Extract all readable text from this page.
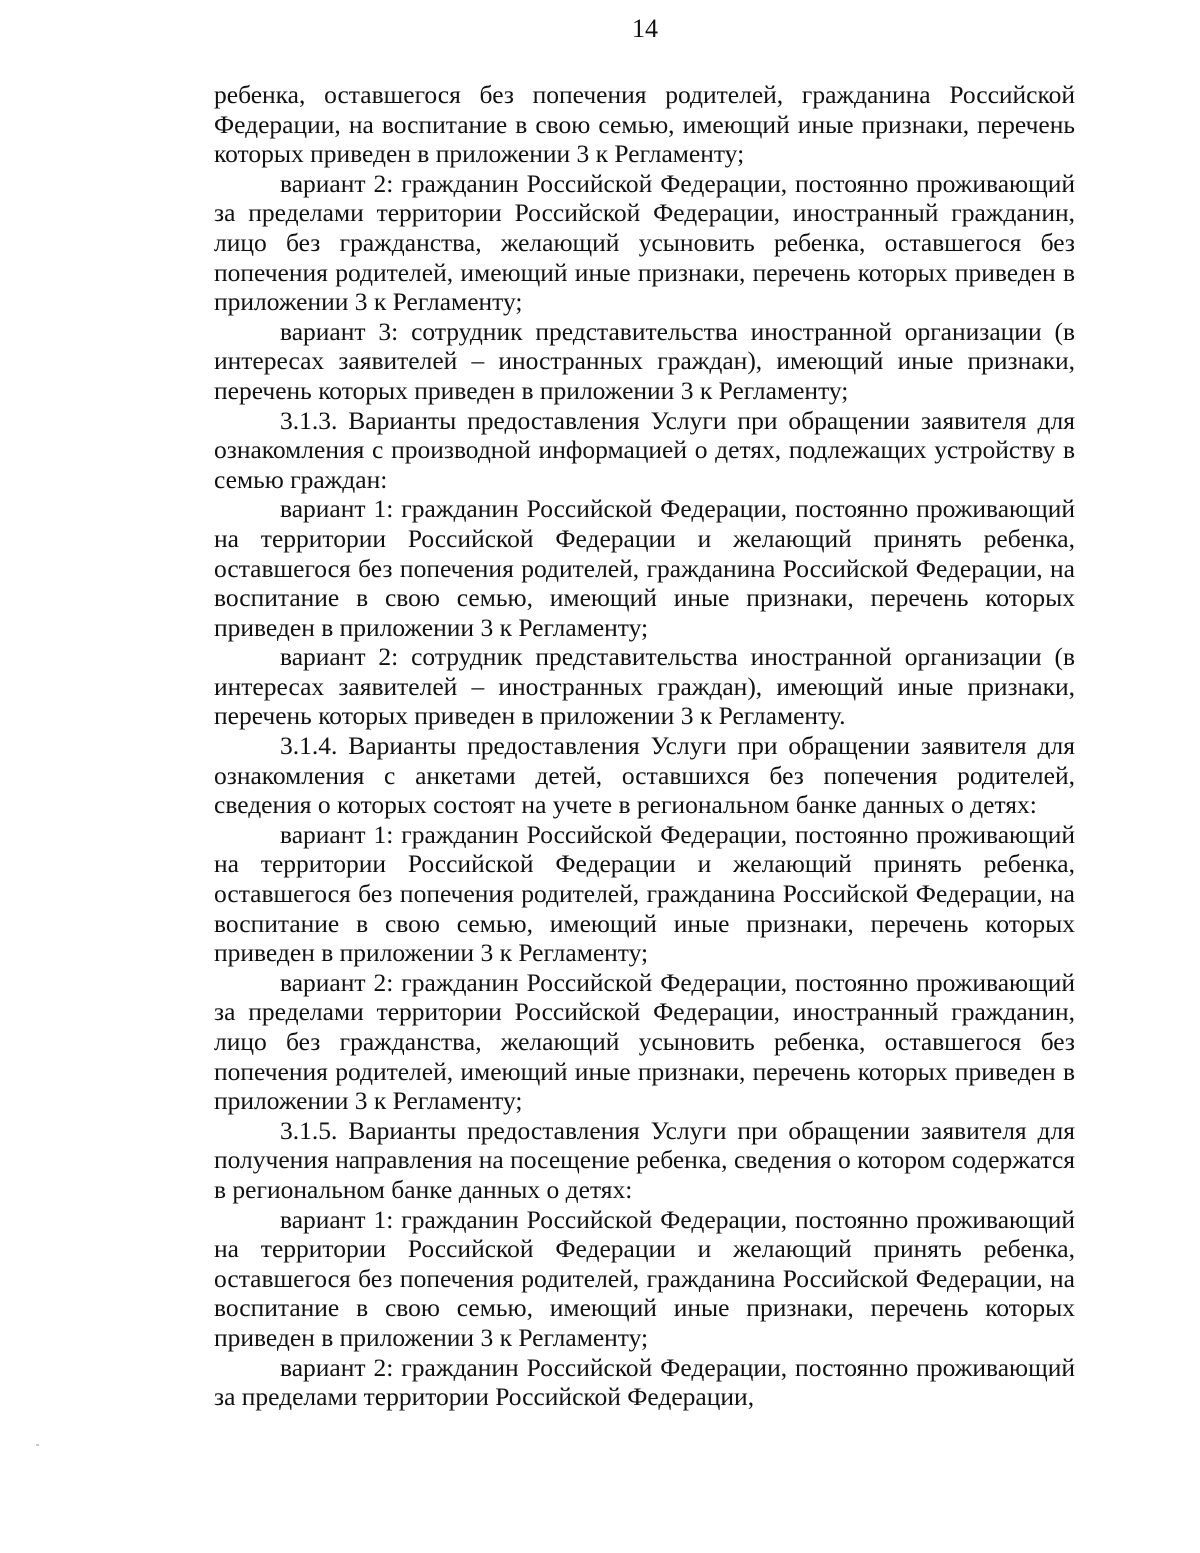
14

ребенка, оставшегося без попечения родителей, гражданина Российской Федерации, на воспитание в свою семью, имеющий иные признаки, перечень которых приведен в приложении 3 к Регламенту;

вариант 2: гражданин Российской Федерации, постоянно проживающий за пределами территории Российской Федерации, иностранный гражданин, лицо без гражданства, желающий усыновить ребенка, оставшегося без попечения родителей, имеющий иные признаки, перечень которых приведен в приложении 3 к Регламенту;

вариант 3: сотрудник представительства иностранной организации (в интересах заявителей – иностранных граждан), имеющий иные признаки, перечень которых приведен в приложении 3 к Регламенту;

3.1.3. Варианты предоставления Услуги при обращении заявителя для ознакомления с производной информацией о детях, подлежащих устройству в семью граждан:

вариант 1: гражданин Российской Федерации, постоянно проживающий на территории Российской Федерации и желающий принять ребенка, оставшегося без попечения родителей, гражданина Российской Федерации, на воспитание в свою семью, имеющий иные признаки, перечень которых приведен в приложении 3 к Регламенту;

вариант 2: сотрудник представительства иностранной организации (в интересах заявителей – иностранных граждан), имеющий иные признаки, перечень которых приведен в приложении 3 к Регламенту.

3.1.4. Варианты предоставления Услуги при обращении заявителя для ознакомления с анкетами детей, оставшихся без попечения родителей, сведения о которых состоят на учете в региональном банке данных о детях:

вариант 1: гражданин Российской Федерации, постоянно проживающий на территории Российской Федерации и желающий принять ребенка, оставшегося без попечения родителей, гражданина Российской Федерации, на воспитание в свою семью, имеющий иные признаки, перечень которых приведен в приложении 3 к Регламенту;

вариант 2: гражданин Российской Федерации, постоянно проживающий за пределами территории Российской Федерации, иностранный гражданин, лицо без гражданства, желающий усыновить ребенка, оставшегося без попечения родителей, имеющий иные признаки, перечень которых приведен в приложении 3 к Регламенту;

3.1.5. Варианты предоставления Услуги при обращении заявителя для получения направления на посещение ребенка, сведения о котором содержатся в региональном банке данных о детях:

вариант 1: гражданин Российской Федерации, постоянно проживающий на территории Российской Федерации и желающий принять ребенка, оставшегося без попечения родителей, гражданина Российской Федерации, на воспитание в свою семью, имеющий иные признаки, перечень которых приведен в приложении 3 к Регламенту;

вариант 2: гражданин Российской Федерации, постоянно проживающий за пределами территории Российской Федерации,
